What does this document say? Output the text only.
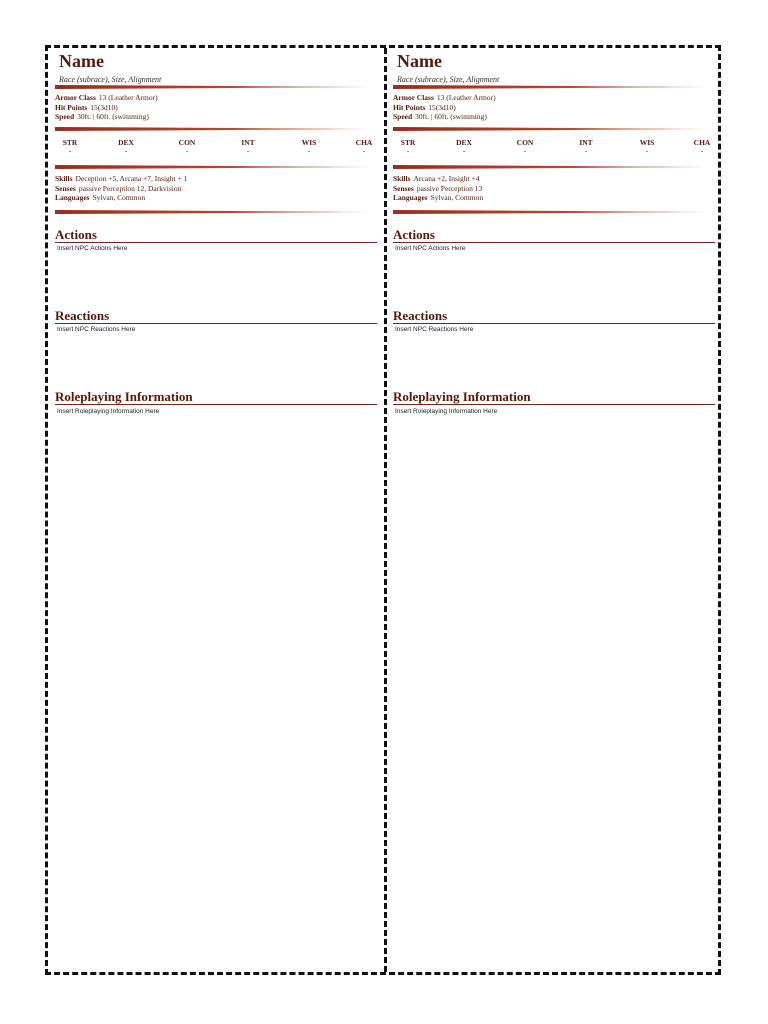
Name
Race (subrace), Size, Alignment
Armor Class 13 (Leather Armor)
Hit Points 15(3d10)
Speed 30ft. | 60ft. (swimming)
STR
-
DEX
-
CON
-
INT
-
WIS
-
CHA
-
Skills Deception +5, Arcana +7, Insight + 1
Senses passive Perception 12, Darkvision
Languages Sylvan, Common
Actions
Insert NPC Actions Here
Reactions
Insert NPC Reactions Here
Roleplaying Information
Insert Roleplaying Information Here
Name
Race (subrace), Size, Alignment
Armor Class 13 (Leather Armor)
Hit Points 15(3d10)
Speed 30ft. | 60ft. (swimming)
STR
-
DEX
-
CON
-
INT
-
WIS
-
CHA
-
Skills Arcana +2, Insight +4
Senses passive Perception 13
Languages Sylvan, Common
Actions
Insert NPC Actions Here
Reactions
Insert NPC Reactions Here
Roleplaying Information
Insert Roleplaying Information Here
